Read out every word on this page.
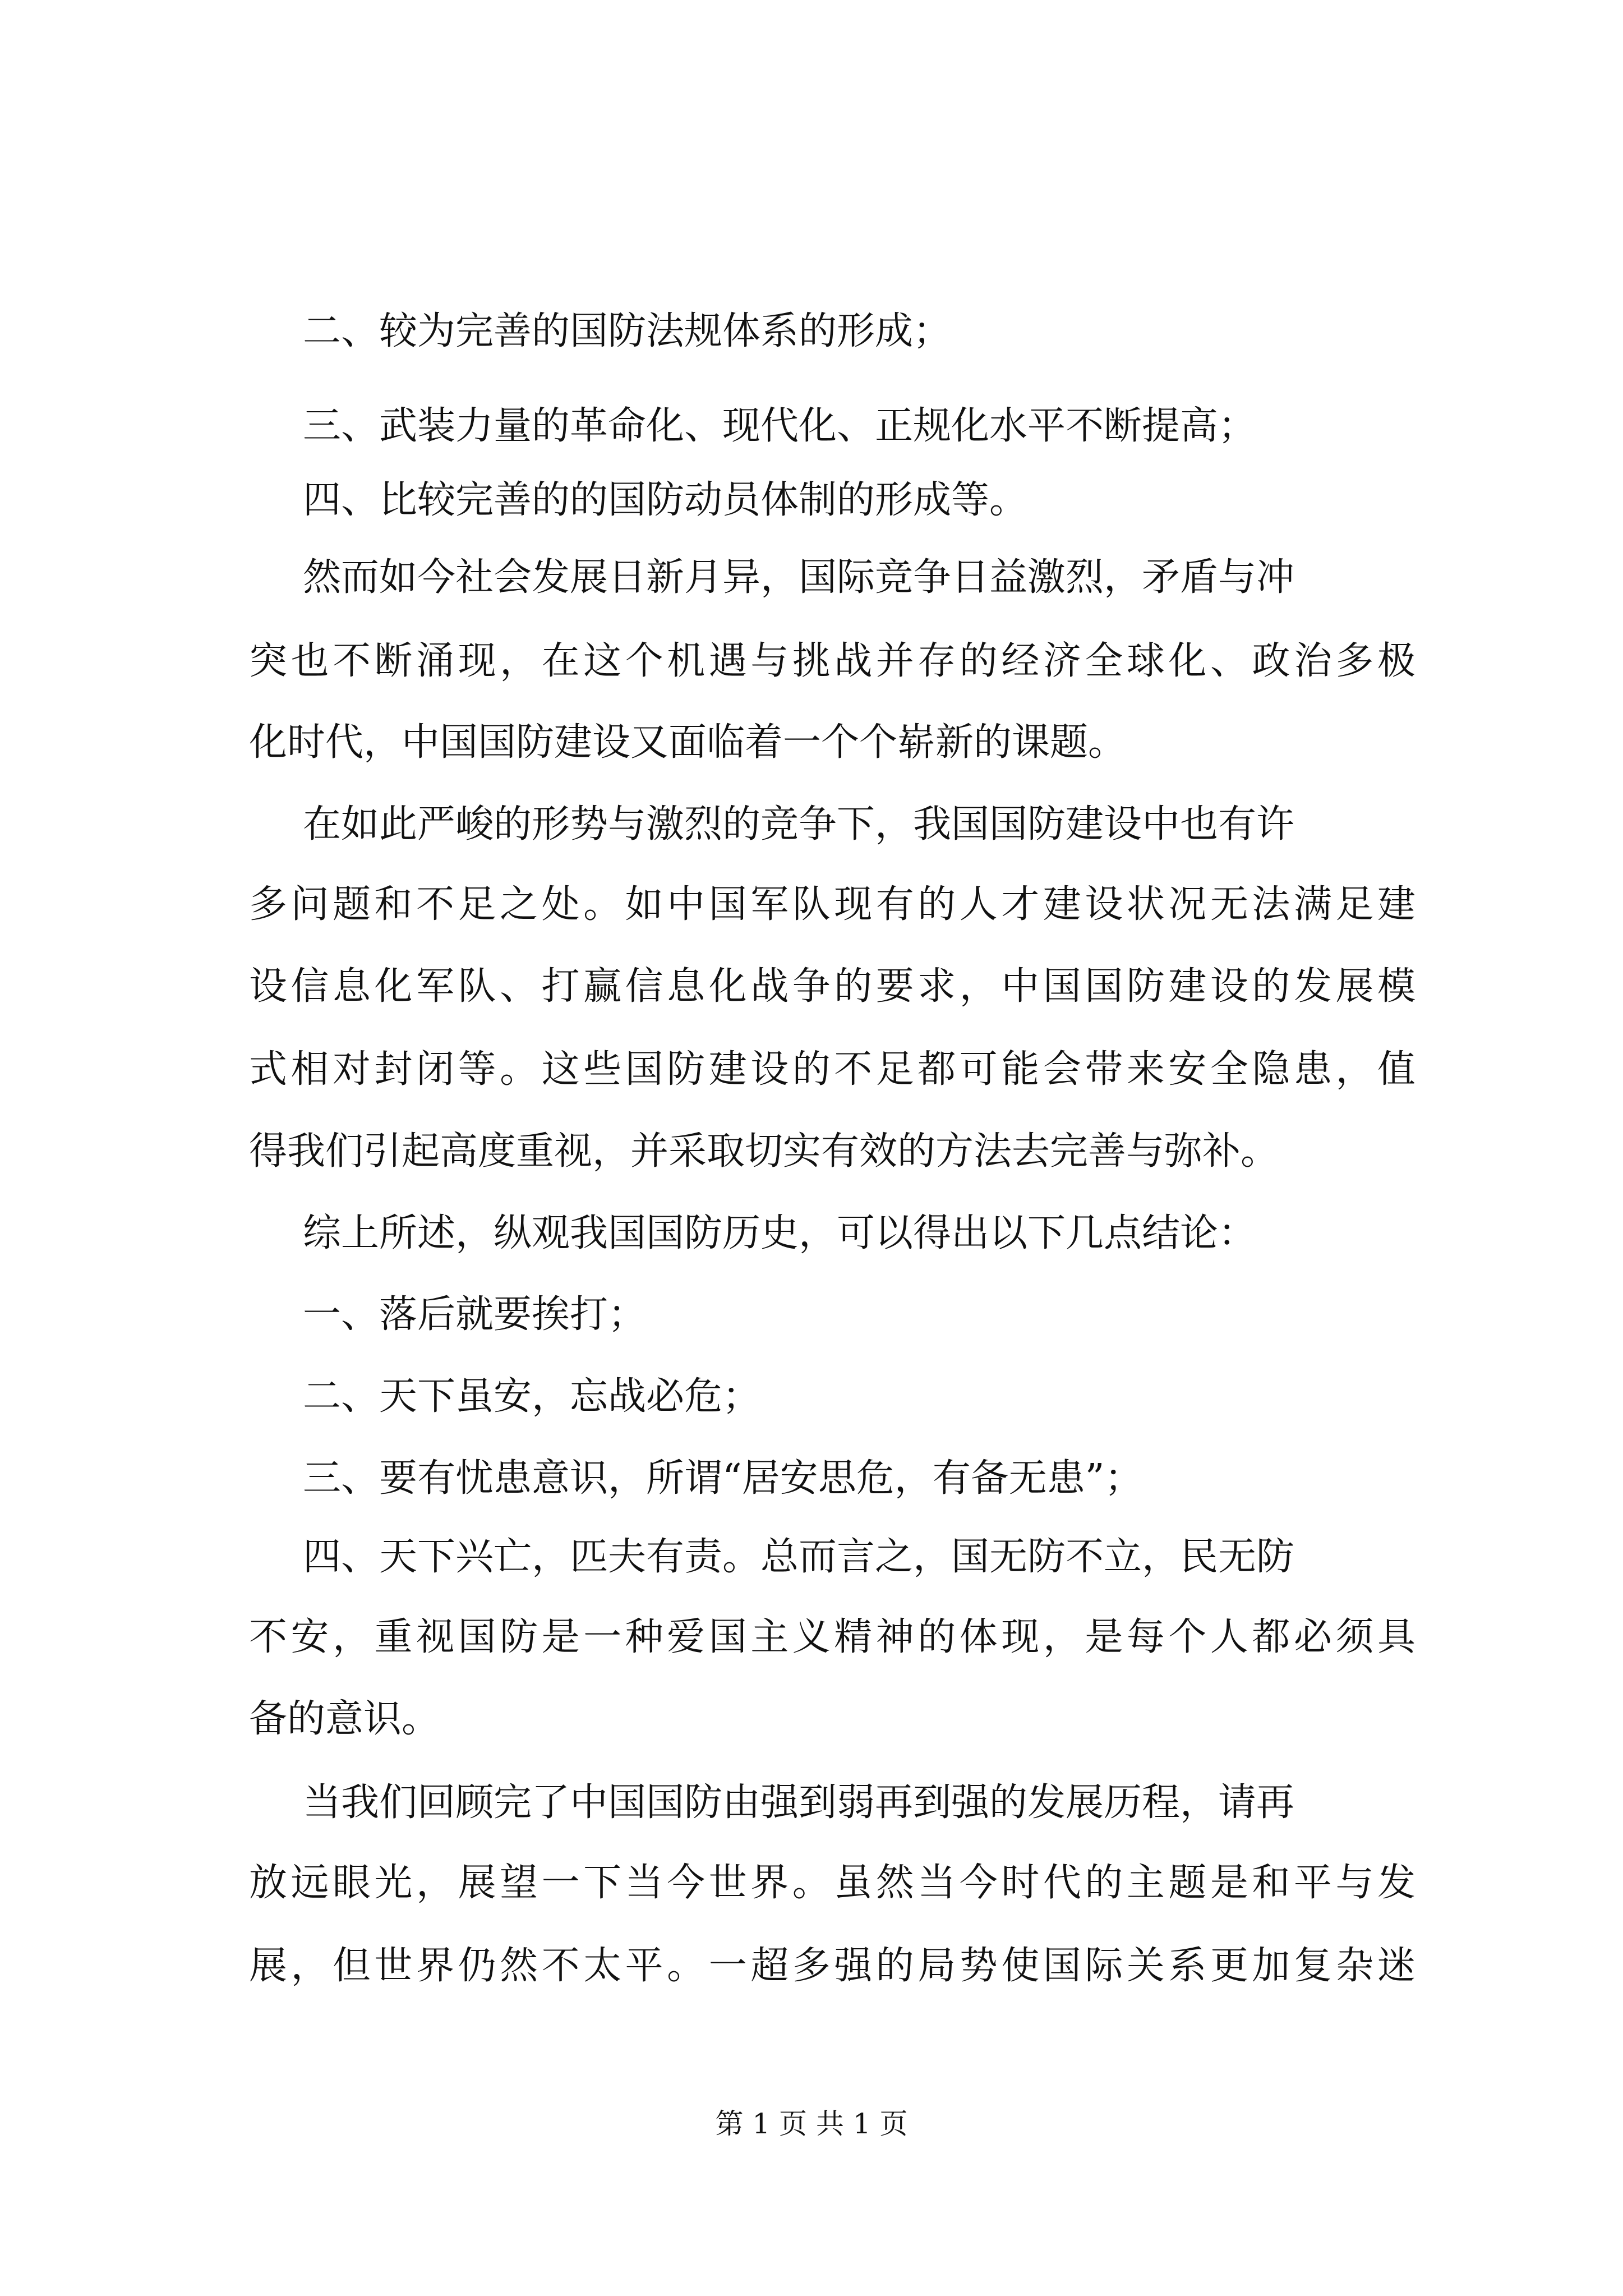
二、较为完善的国防法规体系的形成；

三、武装力量的革命化、现代化、正规化水平不断提高；

四、比较完善的的国防动员体制的形成等。

然而如今社会发展日新月异，国际竞争日益激烈，矛盾与冲

突也不断涌现，在这个机遇与挑战并存的经济全球化、政治多极

化时代，中国国防建设又面临着一个个崭新的课题。

在如此严峻的形势与激烈的竞争下，我国国防建设中也有许

多问题和不足之处。如中国军队现有的人才建设状况无法满足建

设信息化军队、打赢信息化战争的要求，中国国防建设的发展模

式相对封闭等。这些国防建设的不足都可能会带来安全隐患，值

得我们引起高度重视，并采取切实有效的方法去完善与弥补。

综上所述，纵观我国国防历史，可以得出以下几点结论：

一、落后就要挨打；

二、天下虽安，忘战必危；

三、要有忧患意识，所谓“居安思危，有备无患”；

四、天下兴亡，匹夫有责。总而言之，国无防不立，民无防

不安，重视国防是一种爱国主义精神的体现，是每个人都必须具

备的意识。

当我们回顾完了中国国防由强到弱再到强的发展历程，请再

放远眼光，展望一下当今世界。虽然当今时代的主题是和平与发

展，但世界仍然不太平。一超多强的局势使国际关系更加复杂迷

第 1 页 共 1 页
